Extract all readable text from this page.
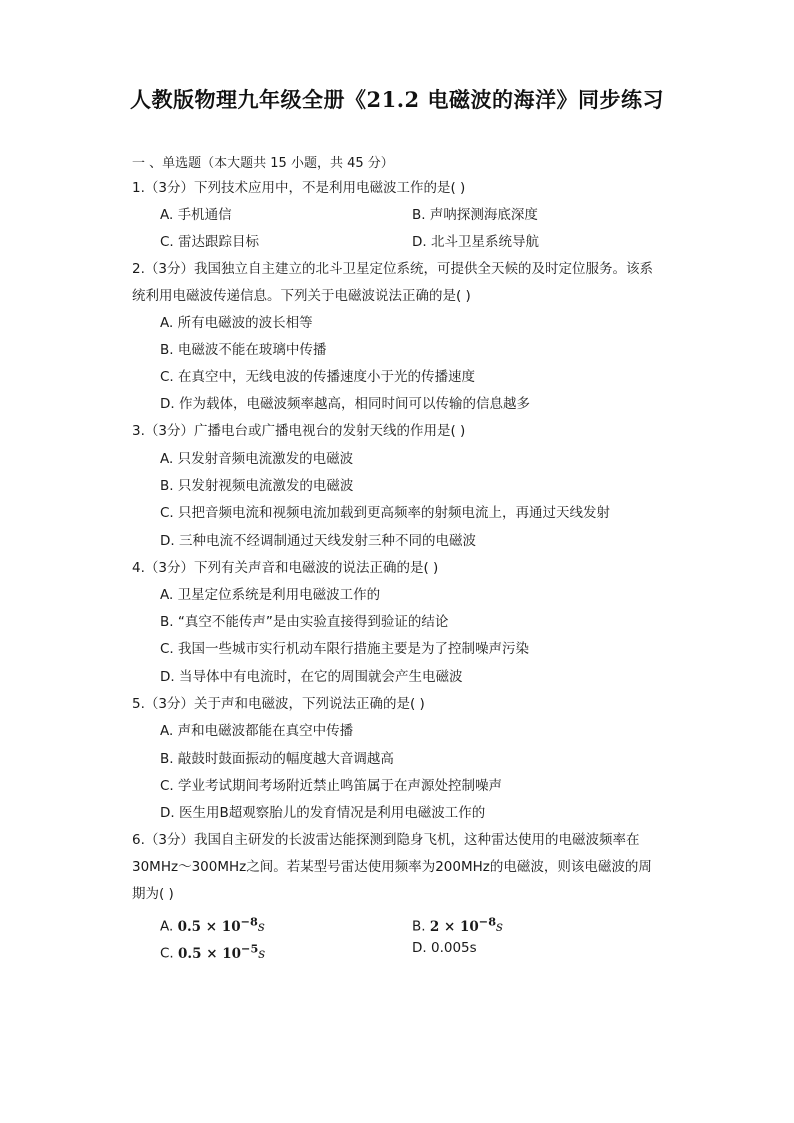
人教版物理九年级全册《21.2 电磁波的海洋》同步练习
一 、单选题（本大题共 15 小题，共 45 分）
1.（3分）下列技术应用中，不是利用电磁波工作的是( )
A. 手机通信	B. 声呐探测海底深度
C. 雷达跟踪目标	D. 北斗卫星系统导航
2.（3分）我国独立自主建立的北斗卫星定位系统，可提供全天候的及时定位服务。该系统利用电磁波传递信息。下列关于电磁波说法正确的是( )
A. 所有电磁波的波长相等
B. 电磁波不能在玻璃中传播
C. 在真空中，无线电波的传播速度小于光的传播速度
D. 作为载体，电磁波频率越高，相同时间可以传输的信息越多
3.（3分）广播电台或广播电视台的发射天线的作用是( )
A. 只发射音频电流激发的电磁波
B. 只发射视频电流激发的电磁波
C. 只把音频电流和视频电流加载到更高频率的射频电流上，再通过天线发射
D. 三种电流不经调制通过天线发射三种不同的电磁波
4.（3分）下列有关声音和电磁波的说法正确的是( )
A. 卫星定位系统是利用电磁波工作的
B. “真空不能传声”是由实验直接得到验证的结论
C. 我国一些城市实行机动车限行措施主要是为了控制噪声污染
D. 当导体中有电流时，在它的周围就会产生电磁波
5.（3分）关于声和电磁波，下列说法正确的是( )
A. 声和电磁波都能在真空中传播
B. 敲鼓时鼓面振动的幅度越大音调越高
C. 学业考试期间考场附近禁止鸣笛属于在声源处控制噪声
D. 医生用B超观察胎儿的发育情况是利用电磁波工作的
6.（3分）我国自主研发的长波雷达能探测到隐身飞机，这种雷达使用的电磁波频率在
30MHz～300MHz之间。若某型号雷达使用频率为200MHz的电磁波，则该电磁波的周
期为( )
A. $0.5 \times 10^{-8}s$	B. $2 \times 10^{-8}s$
C. $0.5 \times 10^{-5}s$	D. 0.005s
